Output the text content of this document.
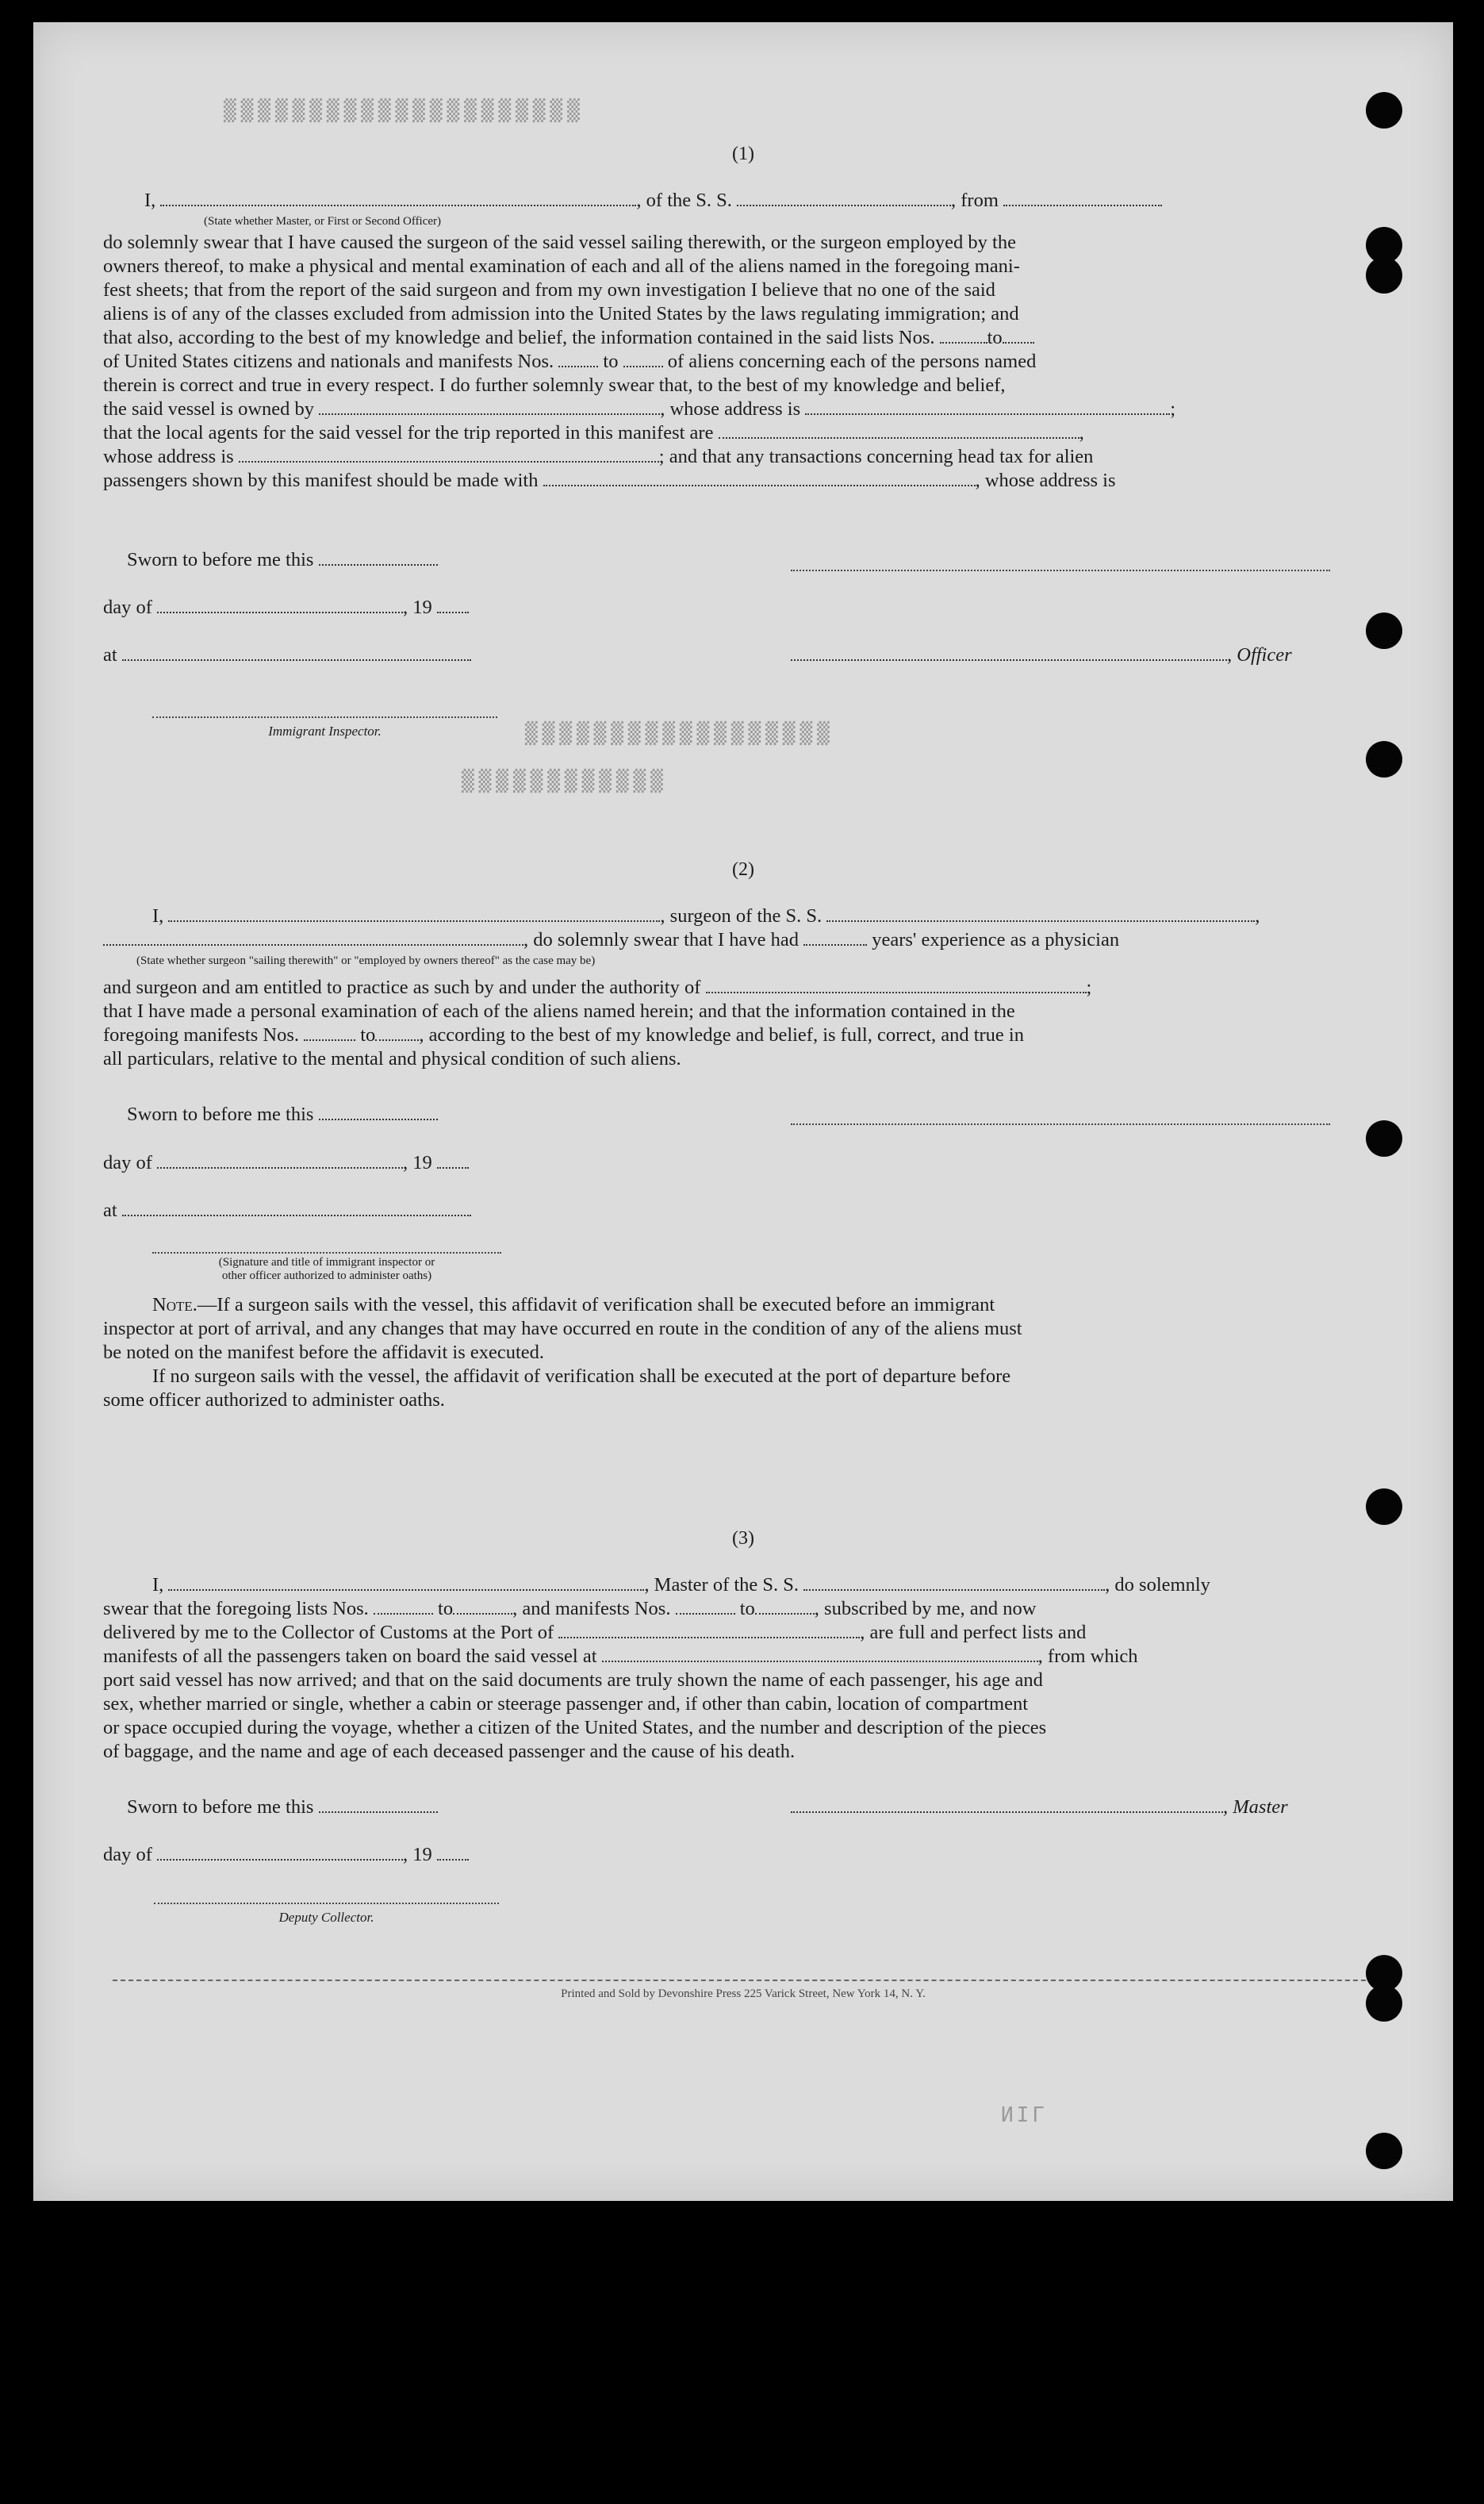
▒▒▒▒▒▒▒▒▒▒▒▒▒▒▒▒▒▒▒▒▒
▒▒▒▒▒▒▒▒▒▒▒▒▒▒▒▒▒▒
▒▒▒▒▒▒▒▒▒▒▒▒
(1)
I,	, of the S. S.	, from
(State whether Master, or First or Second Officer)
do solemnly swear that I have caused the surgeon of the said vessel sailing therewith, or the surgeon employed by the
owners thereof, to make a physical and mental examination of each and all of the aliens named in the foregoing mani-
fest sheets; that from the report of the said surgeon and from my own investigation I believe that no one of the said
aliens is of any of the classes excluded from admission into the United States by the laws regulating immigration; and
that also, according to the best of my knowledge and belief, the information contained in the said lists Nos.	to
of United States citizens and nationals and manifests Nos.	to	of aliens concerning each of the persons named
therein is correct and true in every respect. I do further solemnly swear that, to the best of my knowledge and belief,
the said vessel is owned by	, whose address is	;
that the local agents for the said vessel for the trip reported in this manifest are	,
whose address is	; and that any transactions concerning head tax for alien
passengers shown by this manifest should be made with	, whose address is
Sworn to before me this
day of	, 19
at	, Officer
Immigrant Inspector.
(2)
I,	, surgeon of the S. S.	,
, do solemnly swear that I have had	years' experience as a physician
(State whether surgeon "sailing therewith" or "employed by owners thereof" as the case may be)
and surgeon and am entitled to practice as such by and under the authority of	;
that I have made a personal examination of each of the aliens named herein; and that the information contained in the
foregoing manifests Nos.	to , according to the best of my knowledge and belief, is full, correct, and true in
all particulars, relative to the mental and physical condition of such aliens.
Sworn to before me this
day of	, 19
at
(Signature and title of immigrant inspector or
other officer authorized to administer oaths)
Note.—If a surgeon sails with the vessel, this affidavit of verification shall be executed before an immigrant
inspector at port of arrival, and any changes that may have occurred en route in the condition of any of the aliens must
be noted on the manifest before the affidavit is executed.
If no surgeon sails with the vessel, the affidavit of verification shall be executed at the port of departure before
some officer authorized to administer oaths.
(3)
I,	, Master of the S. S.	, do solemnly
swear that the foregoing lists Nos.	to	, and manifests Nos.	to	, subscribed by me, and now
delivered by me to the Collector of Customs at the Port of	, are full and perfect lists and
manifests of all the passengers taken on board the said vessel at	, from which
port said vessel has now arrived; and that on the said documents are truly shown the name of each passenger, his age and
sex, whether married or single, whether a cabin or steerage passenger and, if other than cabin, location of compartment
or space occupied during the voyage, whether a citizen of the United States, and the number and description of the pieces
of baggage, and the name and age of each deceased passenger and the cause of his death.
Sworn to before me this	, Master
day of	, 19
Deputy Collector.
Printed and Sold by Devonshire Press 225 Varick Street, New York 14, N. Y.
NIL
